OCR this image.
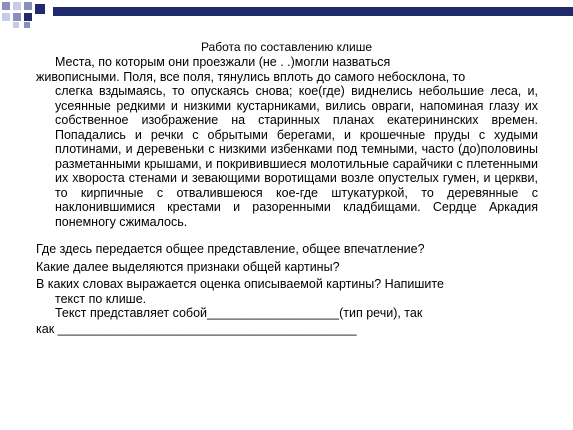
Работа по составлению клише
Места, по которым они проезжали (не . .)могли назваться
живописными. Поля, все поля, тянулись вплоть до самого небосклона, то
слегка вздымаясь, то опускаясь снова; кое(где) виднелись небольшие леса, и, усеянные редкими и низкими кустарниками, вились овраги, напоминая глазу их собственное изображение на старинных планах екатерининских времен. Попадались и речки с обрытыми берегами, и крошечные пруды с худыми плотинами, и деревеньки с низкими избенками под темными, часто (до)половины разметанными крышами, и покривившиеся молотильные сарайчики с плетенными их хвороста стенами и зевающими воротищами возле опустелых гумен, и церкви, то кирпичные с отвалившеюся кое-где штукатуркой, то деревянные с наклонившимися крестами и разоренными кладбищами. Сердце Аркадия понемногу сжималось.
Где здесь передается общее представление, общее впечатление?
Какие далее выделяются признаки общей картины?
В каких словах выражается оценка описываемой картины? Напишите
текст по клише.
Текст представляет собой___________________(тип речи), так
как ___________________________________________
